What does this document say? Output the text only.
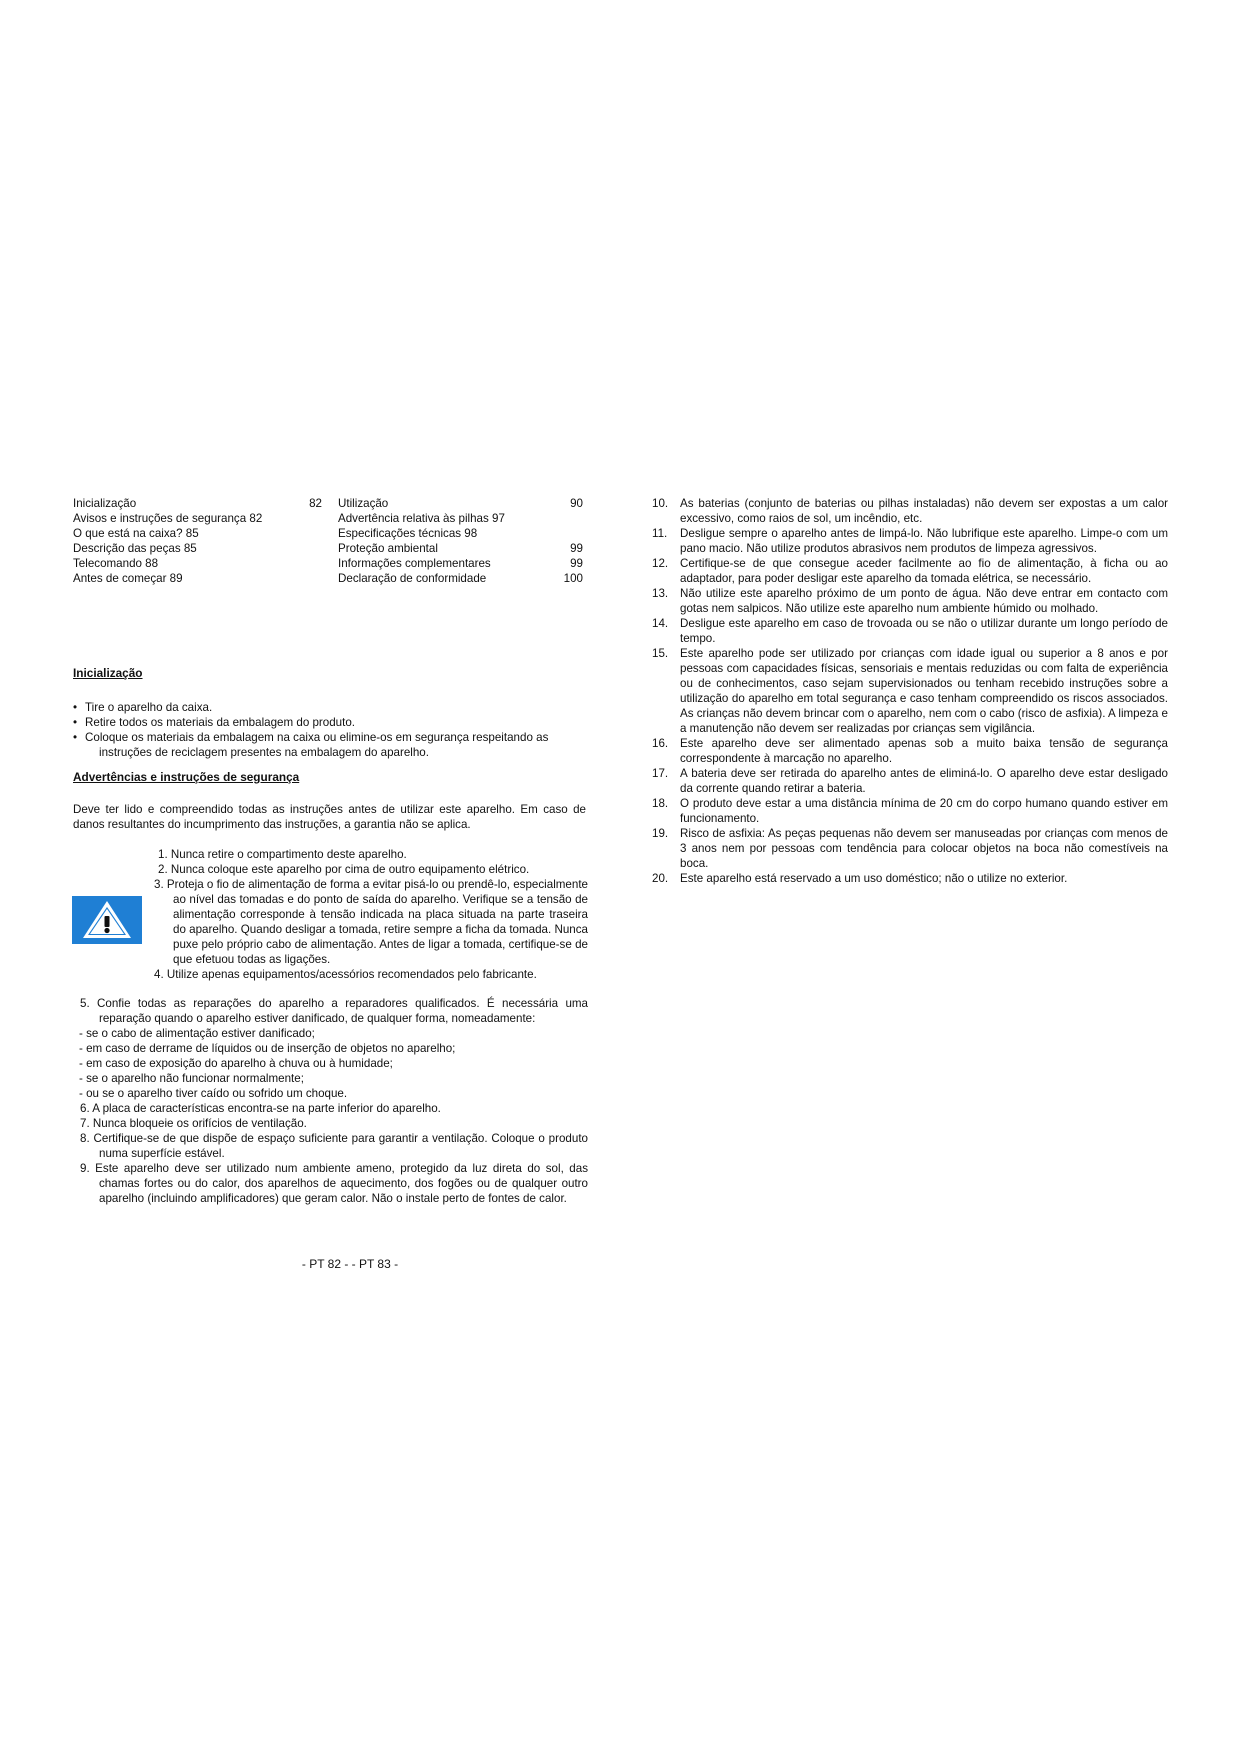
Inicialização	82
Avisos e instruções de segurança 82
O que está na caixa? 85
Descrição das peças 85
Telecomando 88
Antes de começar 89
Utilização	90
Advertência relativa às pilhas 97
Especificações técnicas 98
Proteção ambiental	99
Informações complementares	99
Declaração de conformidade	100
Inicialização

• Tire o aparelho da caixa.

• Retire todos os materiais da embalagem do produto.

• Coloque os materiais da embalagem na caixa ou elimine-os em segurança respeitando as instruções de reciclagem presentes na embalagem do aparelho.

Advertências e instruções de segurança

Deve ter lido e compreendido todas as instruções antes de utilizar este aparelho. Em caso de danos resultantes do incumprimento das instruções, a garantia não se aplica.

1. Nunca retire o compartimento deste aparelho.

2. Nunca coloque este aparelho por cima de outro equipamento elétrico.

3. Proteja o fio de alimentação de forma a evitar pisá-lo ou prendê-lo, especialmente ao nível das tomadas e do ponto de saída do aparelho. Verifique se a tensão de alimentação corresponde à tensão indicada na placa situada na parte traseira do aparelho. Quando desligar a tomada, retire sempre a ficha da tomada. Nunca puxe pelo próprio cabo de alimentação. Antes de ligar a tomada, certifique-se de que efetuou todas as ligações.

4. Utilize apenas equipamentos/acessórios recomendados pelo fabricante.

5. Confie todas as reparações do aparelho a reparadores qualificados. É necessária uma reparação quando o aparelho estiver danificado, de qualquer forma, nomeadamente:

- se o cabo de alimentação estiver danificado;

- em caso de derrame de líquidos ou de inserção de objetos no aparelho;

- em caso de exposição do aparelho à chuva ou à humidade;

- se o aparelho não funcionar normalmente;

- ou se o aparelho tiver caído ou sofrido um choque.

6. A placa de características encontra-se na parte inferior do aparelho.

7. Nunca bloqueie os orifícios de ventilação.

8. Certifique-se de que dispõe de espaço suficiente para garantir a ventilação. Coloque o produto numa superfície estável.

9. Este aparelho deve ser utilizado num ambiente ameno, protegido da luz direta do sol, das chamas fortes ou do calor, dos aparelhos de aquecimento, dos fogões ou de qualquer outro aparelho (incluindo amplificadores) que geram calor. Não o instale perto de fontes de calor.

10.	As baterias (conjunto de baterias ou pilhas instaladas) não devem ser expostas a um calor excessivo, como raios de sol, um incêndio, etc.

11.	Desligue sempre o aparelho antes de limpá-lo. Não lubrifique este aparelho. Limpe-o com um pano macio. Não utilize produtos abrasivos nem produtos de limpeza agressivos.

12.	Certifique-se de que consegue aceder facilmente ao fio de alimentação, à ficha ou ao adaptador, para poder desligar este aparelho da tomada elétrica, se necessário.

13.	Não utilize este aparelho próximo de um ponto de água. Não deve entrar em contacto com gotas nem salpicos. Não utilize este aparelho num ambiente húmido ou molhado.

14.	Desligue este aparelho em caso de trovoada ou se não o utilizar durante um longo período de tempo.

15.	Este aparelho pode ser utilizado por crianças com idade igual ou superior a 8 anos e por pessoas com capacidades físicas, sensoriais e mentais reduzidas ou com falta de experiência ou de conhecimentos, caso sejam supervisionados ou tenham recebido instruções sobre a utilização do aparelho em total segurança e caso tenham compreendido os riscos associados. As crianças não devem brincar com o aparelho, nem com o cabo (risco de asfixia). A limpeza e a manutenção não devem ser realizadas por crianças sem vigilância.

16.	Este aparelho deve ser alimentado apenas sob a muito baixa tensão de segurança correspondente à marcação no aparelho.

17.	A bateria deve ser retirada do aparelho antes de eliminá-lo. O aparelho deve estar desligado da corrente quando retirar a bateria.

18.	O produto deve estar a uma distância mínima de 20 cm do corpo humano quando estiver em funcionamento.

19.	Risco de asfixia: As peças pequenas não devem ser manuseadas por crianças com menos de 3 anos nem por pessoas com tendência para colocar objetos na boca não comestíveis na boca.

20.	Este aparelho está reservado a um uso doméstico; não o utilize no exterior.

- PT 82 - - PT 83 -
